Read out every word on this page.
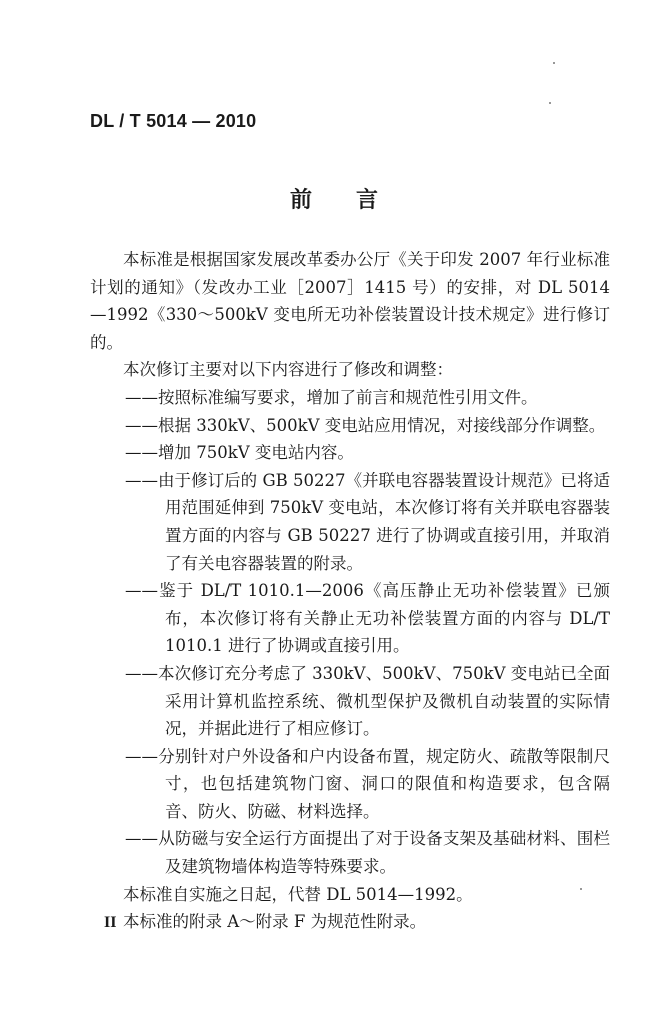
DL / T 5014 — 2010
前　　言

本标准是根据国家发展改革委办公厅《关于印发 2007 年行业标准计划的通知》（发改办工业［2007］1415 号）的安排，对 DL 5014—1992《330～500kV 变电所无功补偿装置设计技术规定》进行修订的。

本次修订主要对以下内容进行了修改和调整：

——按照标准编写要求，增加了前言和规范性引用文件。

——根据 330kV、500kV 变电站应用情况，对接线部分作调整。

——增加 750kV 变电站内容。

——由于修订后的 GB 50227《并联电容器装置设计规范》已将适用范围延伸到 750kV 变电站，本次修订将有关并联电容器装置方面的内容与 GB 50227 进行了协调或直接引用，并取消了有关电容器装置的附录。

——鉴于 DL/T 1010.1—2006《高压静止无功补偿装置》已颁布，本次修订将有关静止无功补偿装置方面的内容与 DL/T 1010.1 进行了协调或直接引用。

——本次修订充分考虑了 330kV、500kV、750kV 变电站已全面采用计算机监控系统、微机型保护及微机自动装置的实际情况，并据此进行了相应修订。

——分别针对户外设备和户内设备布置，规定防火、疏散等限制尺寸，也包括建筑物门窗、洞口的限值和构造要求，包含隔音、防火、防磁、材料选择。

——从防磁与安全运行方面提出了对于设备支架及基础材料、围栏及建筑物墙体构造等特殊要求。

本标准自实施之日起，代替 DL 5014—1992。

本标准的附录 A～附录 F 为规范性附录。

II
